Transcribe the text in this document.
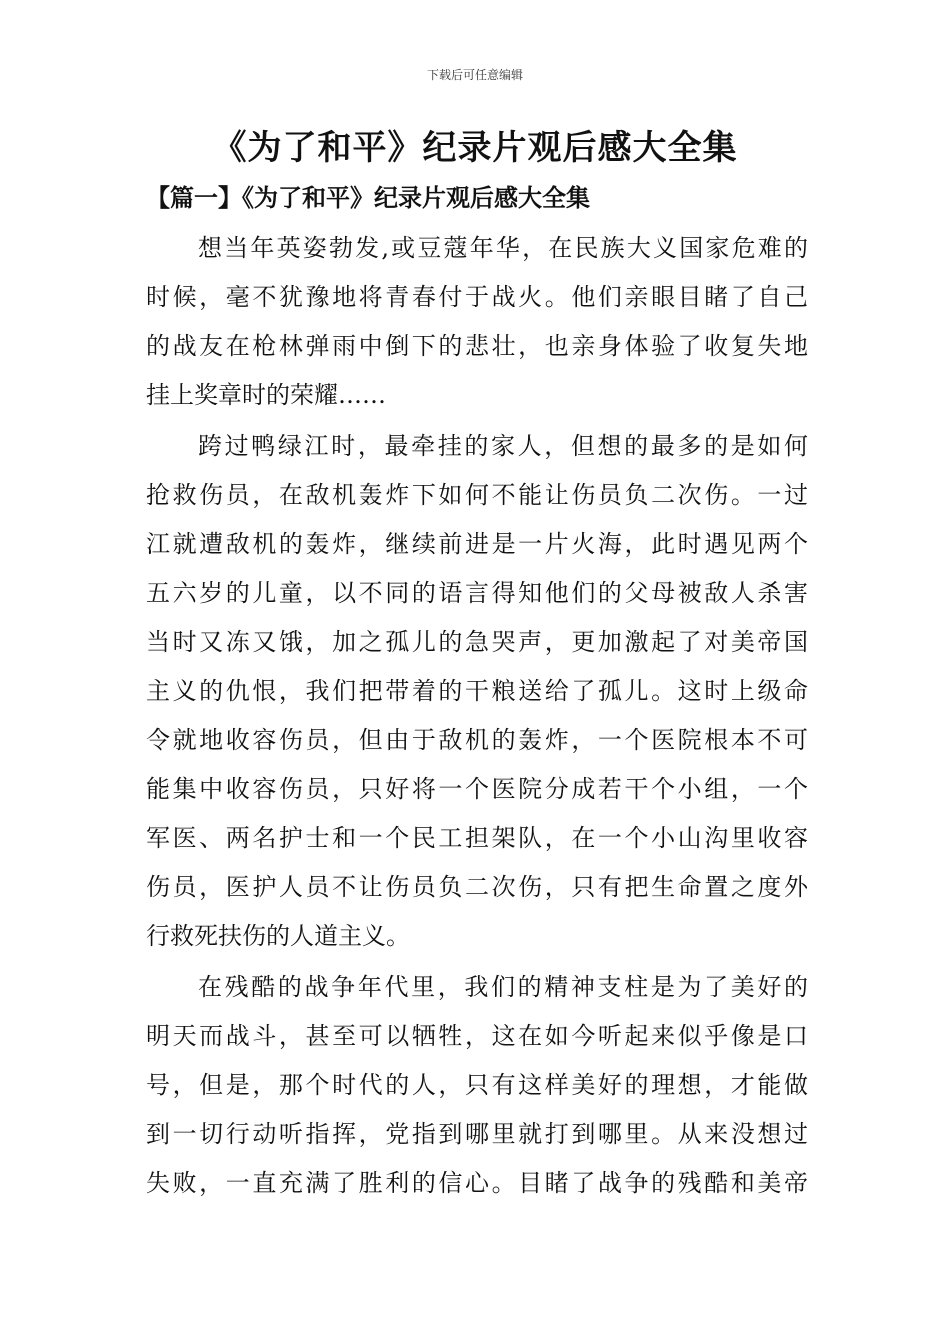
下载后可任意编辑
《为了和平》纪录片观后感大全集
【篇一】《为了和平》纪录片观后感大全集
想当年英姿勃发,或豆蔻年华，在民族大义国家危难的
时候，毫不犹豫地将青春付于战火。他们亲眼目睹了自己
的战友在枪林弹雨中倒下的悲壮，也亲身体验了收复失地
挂上奖章时的荣耀……
跨过鸭绿江时，最牵挂的家人，但想的最多的是如何
抢救伤员，在敌机轰炸下如何不能让伤员负二次伤。一过
江就遭敌机的轰炸，继续前进是一片火海，此时遇见两个
五六岁的儿童，以不同的语言得知他们的父母被敌人杀害
当时又冻又饿，加之孤儿的急哭声，更加激起了对美帝国
主义的仇恨，我们把带着的干粮送给了孤儿。这时上级命
令就地收容伤员，但由于敌机的轰炸，一个医院根本不可
能集中收容伤员，只好将一个医院分成若干个小组，一个
军医、两名护士和一个民工担架队，在一个小山沟里收容
伤员，医护人员不让伤员负二次伤，只有把生命置之度外
行救死扶伤的人道主义。
在残酷的战争年代里，我们的精神支柱是为了美好的
明天而战斗，甚至可以牺牲，这在如今听起来似乎像是口
号，但是，那个时代的人，只有这样美好的理想，才能做
到一切行动听指挥，党指到哪里就打到哪里。从来没想过
失败，一直充满了胜利的信心。目睹了战争的残酷和美帝
